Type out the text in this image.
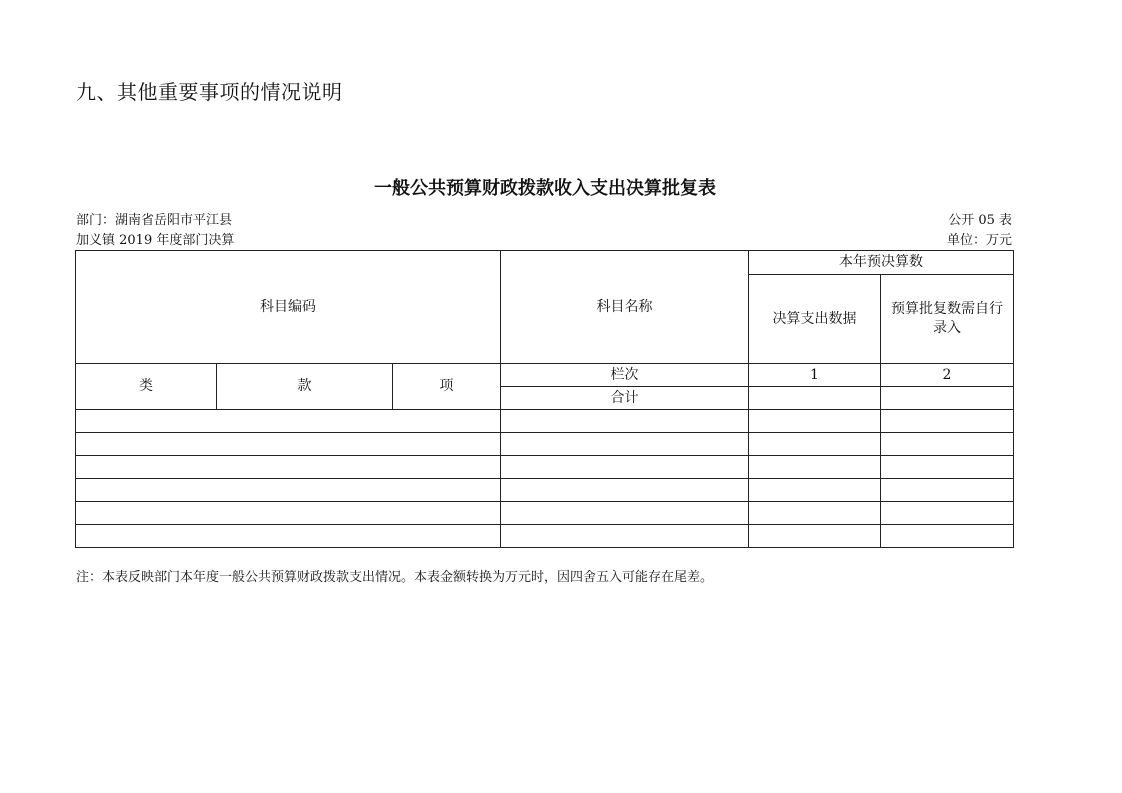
九、其他重要事项的情况说明
一般公共预算财政拨款收入支出决算批复表
部门：湖南省岳阳市平江县
加义镇 2019 年度部门决算
公开 05 表
单位：万元
科目编码			科目名称	本年预决算数	
				决算支出数据	预算批复数需自行录入
类	款	项	栏次	1	2
			合计		

注：本表反映部门本年度一般公共预算财政拨款支出情况。本表金额转换为万元时，因四舍五入可能存在尾差。
